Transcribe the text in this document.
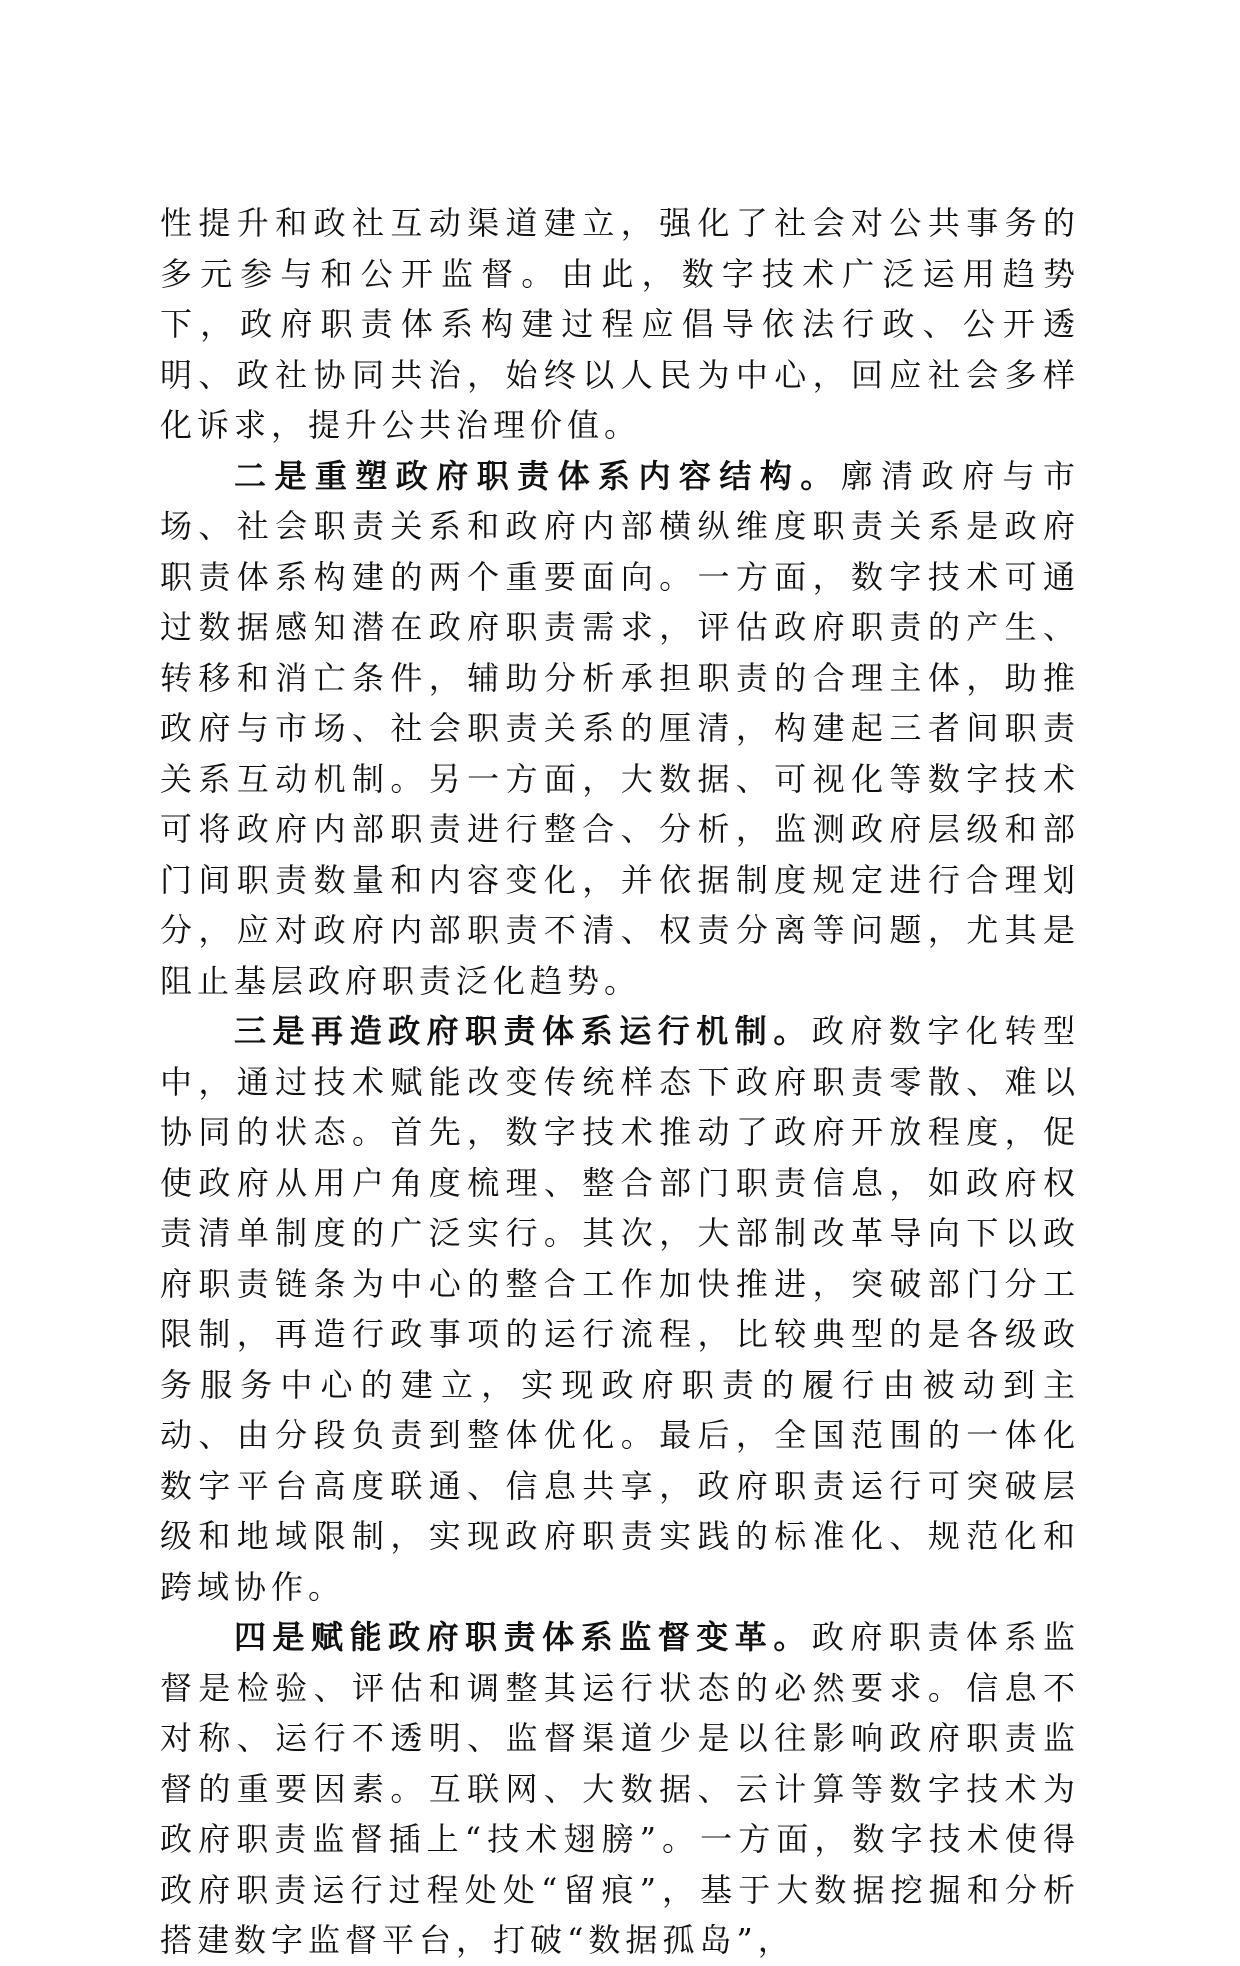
性提升和政社互动渠道建立，强化了社会对公共事务的多元参与和公开监督。由此，数字技术广泛运用趋势下，政府职责体系构建过程应倡导依法行政、公开透明、政社协同共治，始终以人民为中心，回应社会多样化诉求，提升公共治理价值。

二是重塑政府职责体系内容结构。廓清政府与市场、社会职责关系和政府内部横纵维度职责关系是政府职责体系构建的两个重要面向。一方面，数字技术可通过数据感知潜在政府职责需求，评估政府职责的产生、转移和消亡条件，辅助分析承担职责的合理主体，助推政府与市场、社会职责关系的厘清，构建起三者间职责关系互动机制。另一方面，大数据、可视化等数字技术可将政府内部职责进行整合、分析，监测政府层级和部门间职责数量和内容变化，并依据制度规定进行合理划分，应对政府内部职责不清、权责分离等问题，尤其是阻止基层政府职责泛化趋势。

三是再造政府职责体系运行机制。政府数字化转型中，通过技术赋能改变传统样态下政府职责零散、难以协同的状态。首先，数字技术推动了政府开放程度，促使政府从用户角度梳理、整合部门职责信息，如政府权责清单制度的广泛实行。其次，大部制改革导向下以政府职责链条为中心的整合工作加快推进，突破部门分工限制，再造行政事项的运行流程，比较典型的是各级政务服务中心的建立，实现政府职责的履行由被动到主动、由分段负责到整体优化。最后，全国范围的一体化数字平台高度联通、信息共享，政府职责运行可突破层级和地域限制，实现政府职责实践的标准化、规范化和跨域协作。

四是赋能政府职责体系监督变革。政府职责体系监督是检验、评估和调整其运行状态的必然要求。信息不对称、运行不透明、监督渠道少是以往影响政府职责监督的重要因素。互联网、大数据、云计算等数字技术为政府职责监督插上“技术翅膀”。一方面，数字技术使得政府职责运行过程处处“留痕”，基于大数据挖掘和分析搭建数字监督平台，打破“数据孤岛”，
